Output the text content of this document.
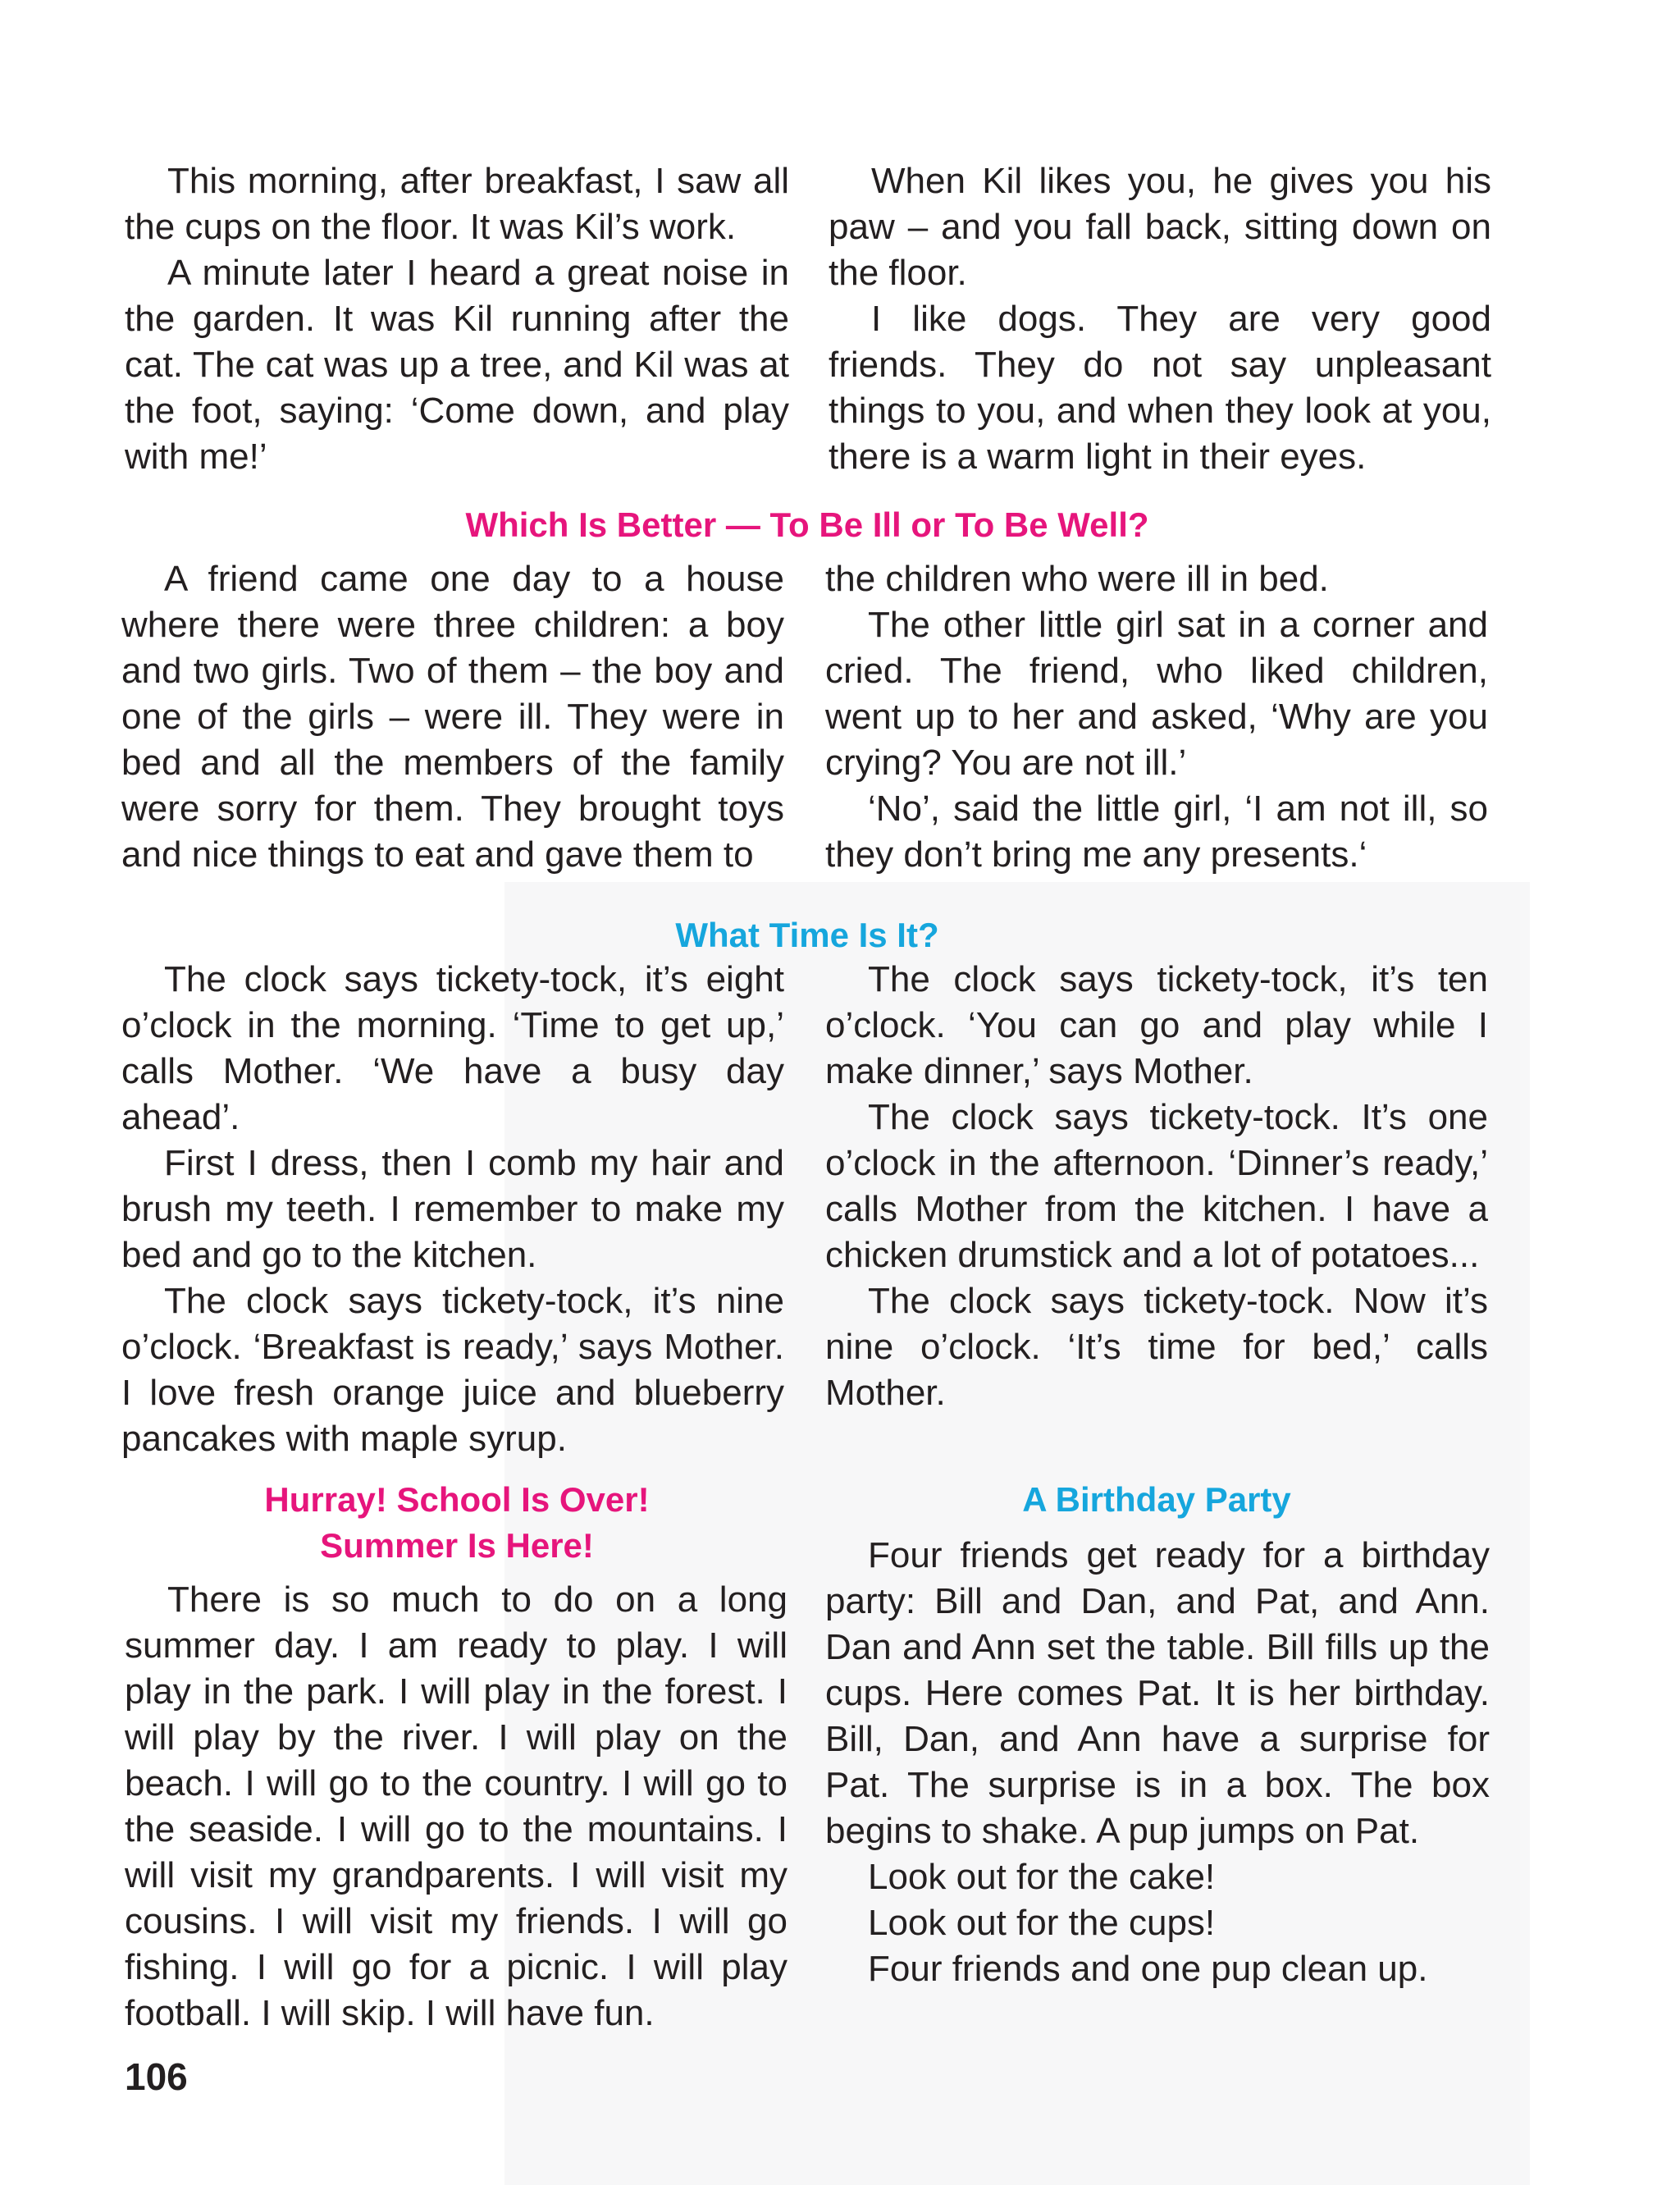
This morning, after breakfast, I saw all the cups on the floor. It was Kil’s work.

A minute later I heard a great noise in the garden. It was Kil running after the cat. The cat was up a tree, and Kil was at the foot, saying: ‘Come down, and play with me!’

When Kil likes you, he gives you his paw – and you fall back, sitting down on the floor.

I like dogs. They are very good friends. They do not say unpleasant things to you, and when they look at you, there is a warm light in their eyes.

Which Is Better — To Be Ill or To Be Well?

A friend came one day to a house where there were three children: a boy and two girls. Two of them – the boy and one of the girls – were ill. They were in bed and all the members of the family were sorry for them. They brought toys and nice things to eat and gave them to

the children who were ill in bed.

The other little girl sat in a corner and cried. The friend, who liked children, went up to her and asked, ‘Why are you crying? You are not ill.’

‘No’, said the little girl, ‘I am not ill, so they don’t bring me any presents.‘

What Time Is It?

The clock says tickety-tock, it’s eight o’clock in the morning. ‘Time to get up,’ calls Mother. ‘We have a busy day ahead’.

First I dress, then I comb my hair and brush my teeth. I remember to make my bed and go to the kitchen.

The clock says tickety-tock, it’s nine o’clock. ‘Breakfast is ready,’ says Mother. I love fresh orange juice and blueberry pancakes with maple syrup.

The clock says tickety-tock, it’s ten o’clock. ‘You can go and play while I make dinner,’ says Mother.

The clock says tickety-tock. It’s one o’clock in the afternoon. ‘Dinner’s ready,’ calls Mother from the kitchen. I have a chicken drumstick and a lot of potatoes...

The clock says tickety-tock. Now it’s nine o’clock. ‘It’s time for bed,’ calls Mother.

Hurray! School Is Over!
Summer Is Here!

There is so much to do on a long summer day. I am ready to play. I will play in the park. I will play in the forest. I will play by the river. I will play on the beach. I will go to the country. I will go to the seaside. I will go to the mountains. I will visit my grandparents. I will visit my cousins. I will visit my friends. I will go fishing. I will go for a picnic. I will play football. I will skip. I will have fun.

A Birthday Party

Four friends get ready for a birthday party: Bill and Dan, and Pat, and Ann. Dan and Ann set the table. Bill fills up the cups. Here comes Pat. It is her birthday. Bill, Dan, and Ann have a surprise for Pat. The surprise is in a box. The box begins to shake. A pup jumps on Pat.

Look out for the cake!

Look out for the cups!

Four friends and one pup clean up.

106
